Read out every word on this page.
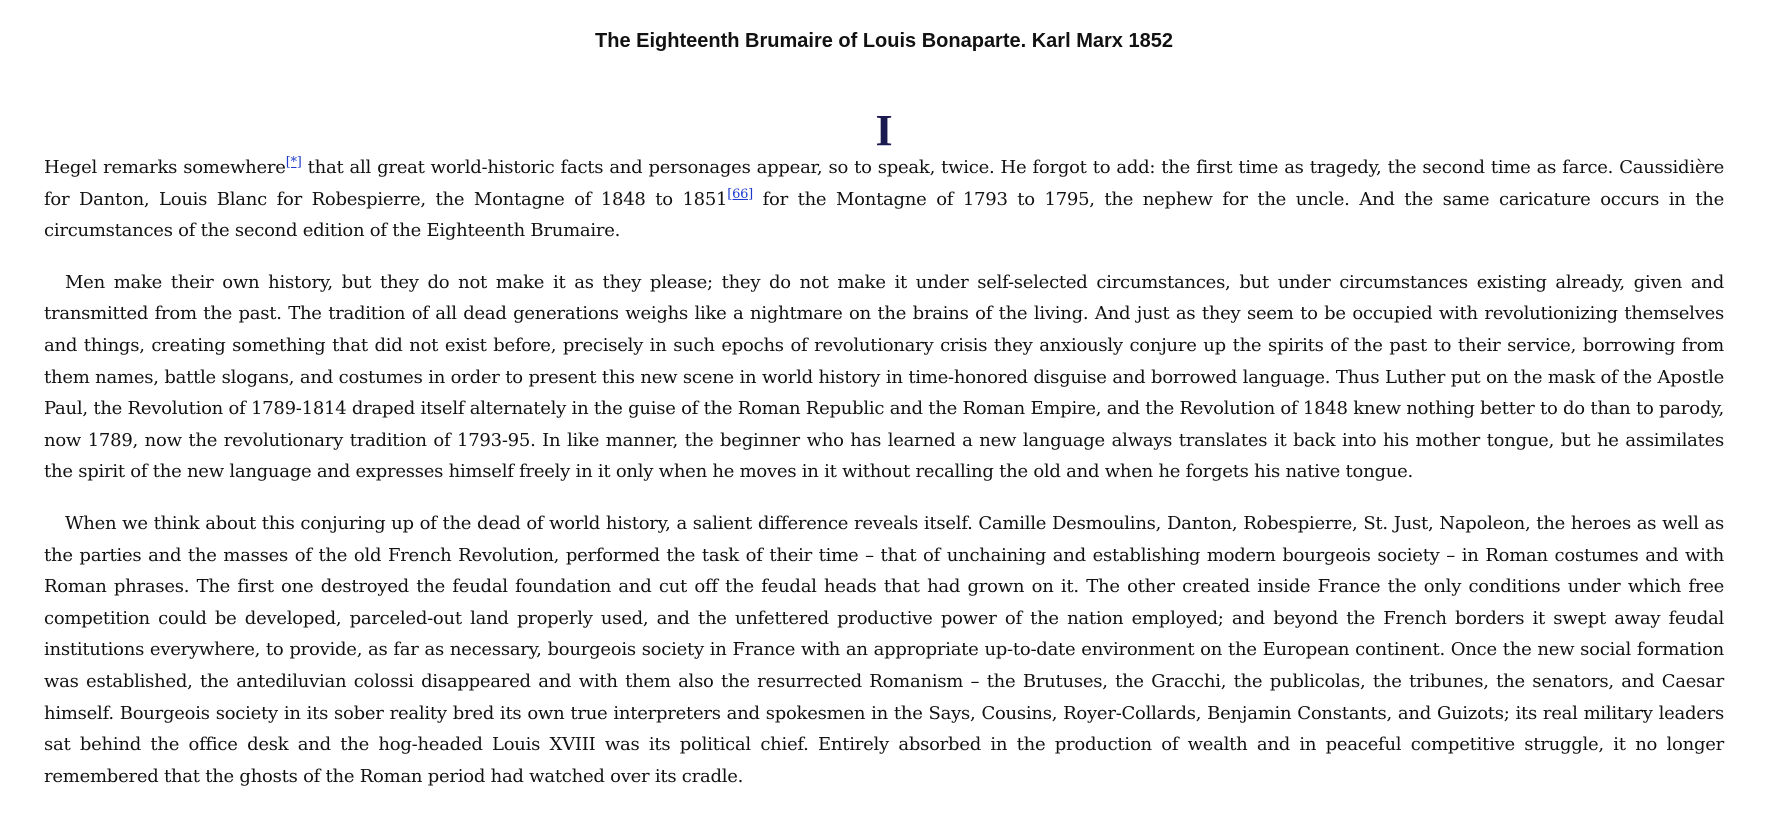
The Eighteenth Brumaire of Louis Bonaparte. Karl Marx 1852
I

Hegel remarks somewhere[*] that all great world-historic facts and personages appear, so to speak, twice. He forgot to add: the first time as tragedy, the second time as farce. Caussidière for Danton, Louis Blanc for Robespierre, the Montagne of 1848 to 1851[66] for the Montagne of 1793 to 1795, the nephew for the uncle. And the same caricature occurs in the circumstances of the second edition of the Eighteenth Brumaire.

Men make their own history, but they do not make it as they please; they do not make it under self-selected circumstances, but under circumstances existing already, given and transmitted from the past. The tradition of all dead generations weighs like a nightmare on the brains of the living. And just as they seem to be occupied with revolutionizing themselves and things, creating something that did not exist before, precisely in such epochs of revolutionary crisis they anxiously conjure up the spirits of the past to their service, borrowing from them names, battle slogans, and costumes in order to present this new scene in world history in time-honored disguise and borrowed language. Thus Luther put on the mask of the Apostle Paul, the Revolution of 1789-1814 draped itself alternately in the guise of the Roman Republic and the Roman Empire, and the Revolution of 1848 knew nothing better to do than to parody, now 1789, now the revolutionary tradition of 1793-95. In like manner, the beginner who has learned a new language always translates it back into his mother tongue, but he assimilates the spirit of the new language and expresses himself freely in it only when he moves in it without recalling the old and when he forgets his native tongue.

When we think about this conjuring up of the dead of world history, a salient difference reveals itself. Camille Desmoulins, Danton, Robespierre, St. Just, Napoleon, the heroes as well as the parties and the masses of the old French Revolution, performed the task of their time – that of unchaining and establishing modern bourgeois society – in Roman costumes and with Roman phrases. The first one destroyed the feudal foundation and cut off the feudal heads that had grown on it. The other created inside France the only conditions under which free competition could be developed, parceled-out land properly used, and the unfettered productive power of the nation employed; and beyond the French borders it swept away feudal institutions everywhere, to provide, as far as necessary, bourgeois society in France with an appropriate up-to-date environment on the European continent. Once the new social formation was established, the antediluvian colossi disappeared and with them also the resurrected Romanism – the Brutuses, the Gracchi, the publicolas, the tribunes, the senators, and Caesar himself. Bourgeois society in its sober reality bred its own true interpreters and spokesmen in the Says, Cousins, Royer-Collards, Benjamin Constants, and Guizots; its real military leaders sat behind the office desk and the hog-headed Louis XVIII was its political chief. Entirely absorbed in the production of wealth and in peaceful competitive struggle, it no longer remembered that the ghosts of the Roman period had watched over its cradle.
